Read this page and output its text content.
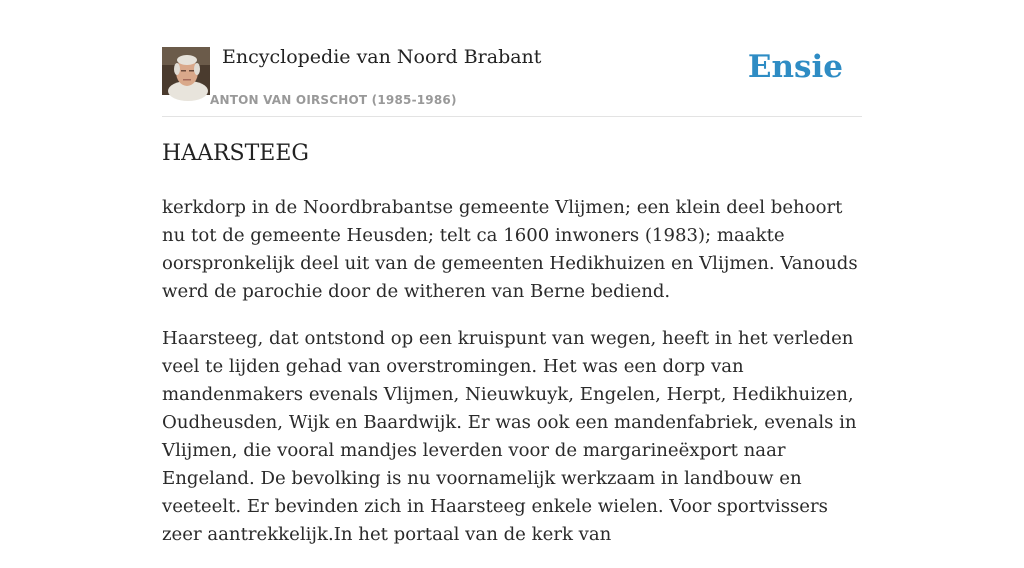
Encyclopedie van Noord Brabant
ANTON VAN OIRSCHOT (1985-1986)
Ensie
HAARSTEEG

kerkdorp in de Noordbrabantse gemeente Vlijmen; een klein deel behoort nu tot de gemeente Heusden; telt ca 1600 inwoners (1983); maakte oorspronkelijk deel uit van de gemeenten Hedikhuizen en Vlijmen. Vanouds werd de parochie door de witheren van Berne bediend.

Haarsteeg, dat ontstond op een kruispunt van wegen, heeft in het verleden veel te lijden gehad van overstromingen. Het was een dorp van mandenmakers evenals Vlijmen, Nieuwkuyk, Engelen, Herpt, Hedikhuizen, Oudheusden, Wijk en Baardwijk. Er was ook een mandenfabriek, evenals in Vlijmen, die vooral mandjes leverden voor de margarineëxport naar Engeland. De bevolking is nu voornamelijk werkzaam in landbouw en veeteelt. Er bevinden zich in Haarsteeg enkele wielen. Voor sportvissers zeer aantrekkelijk.In het portaal van de kerk van
